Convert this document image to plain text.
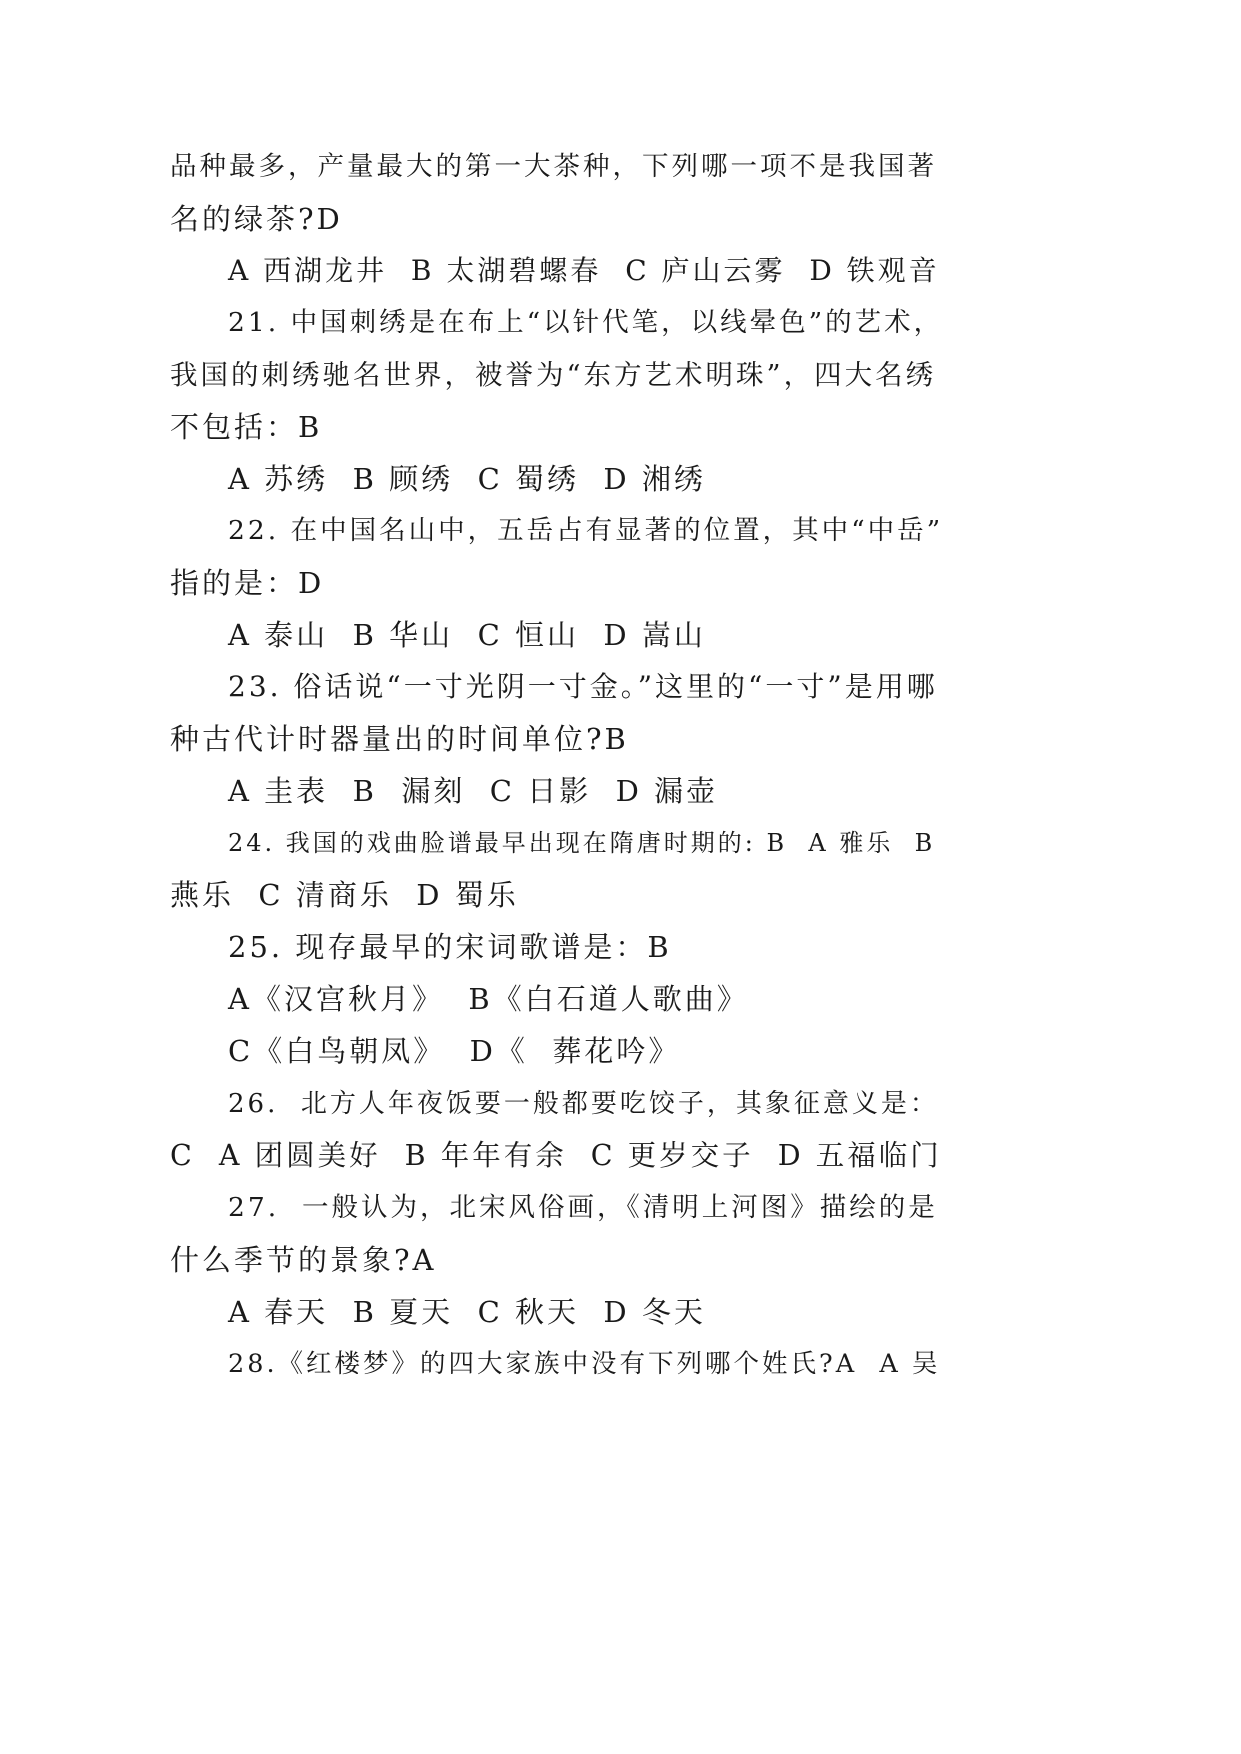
品种最多，产量最大的第一大茶种，下列哪一项不是我国著
名的绿茶?D
A 西湖龙井  B 太湖碧螺春  C 庐山云雾  D 铁观音
21. 中国刺绣是在布上“以针代笔，以线晕色”的艺术，
我国的刺绣驰名世界，被誉为“东方艺术明珠”，四大名绣
不包括：B
A 苏绣  B 顾绣  C 蜀绣  D 湘绣
22. 在中国名山中，五岳占有显著的位置，其中“中岳”
指的是：D
A 泰山  B 华山  C 恒山  D 嵩山
23. 俗话说“一寸光阴一寸金。”这里的“一寸”是用哪
种古代计时器量出的时间单位?B
A 圭表  B  漏刻  C 日影  D 漏壶
24. 我国的戏曲脸谱最早出现在隋唐时期的: B  A 雅乐  B
燕乐  C 清商乐  D 蜀乐
25. 现存最早的宋词歌谱是：B
A《汉宫秋月》  B《白石道人歌曲》
C《白鸟朝凤》  D《  葬花吟》
26.  北方人年夜饭要一般都要吃饺子，其象征意义是：
C  A 团圆美好  B 年年有余  C 更岁交子  D 五福临门
27.  一般认为，北宋风俗画，《清明上河图》描绘的是
什么季节的景象?A
A 春天  B 夏天  C 秋天  D 冬天
28.《红楼梦》的四大家族中没有下列哪个姓氏?A  A 吴
